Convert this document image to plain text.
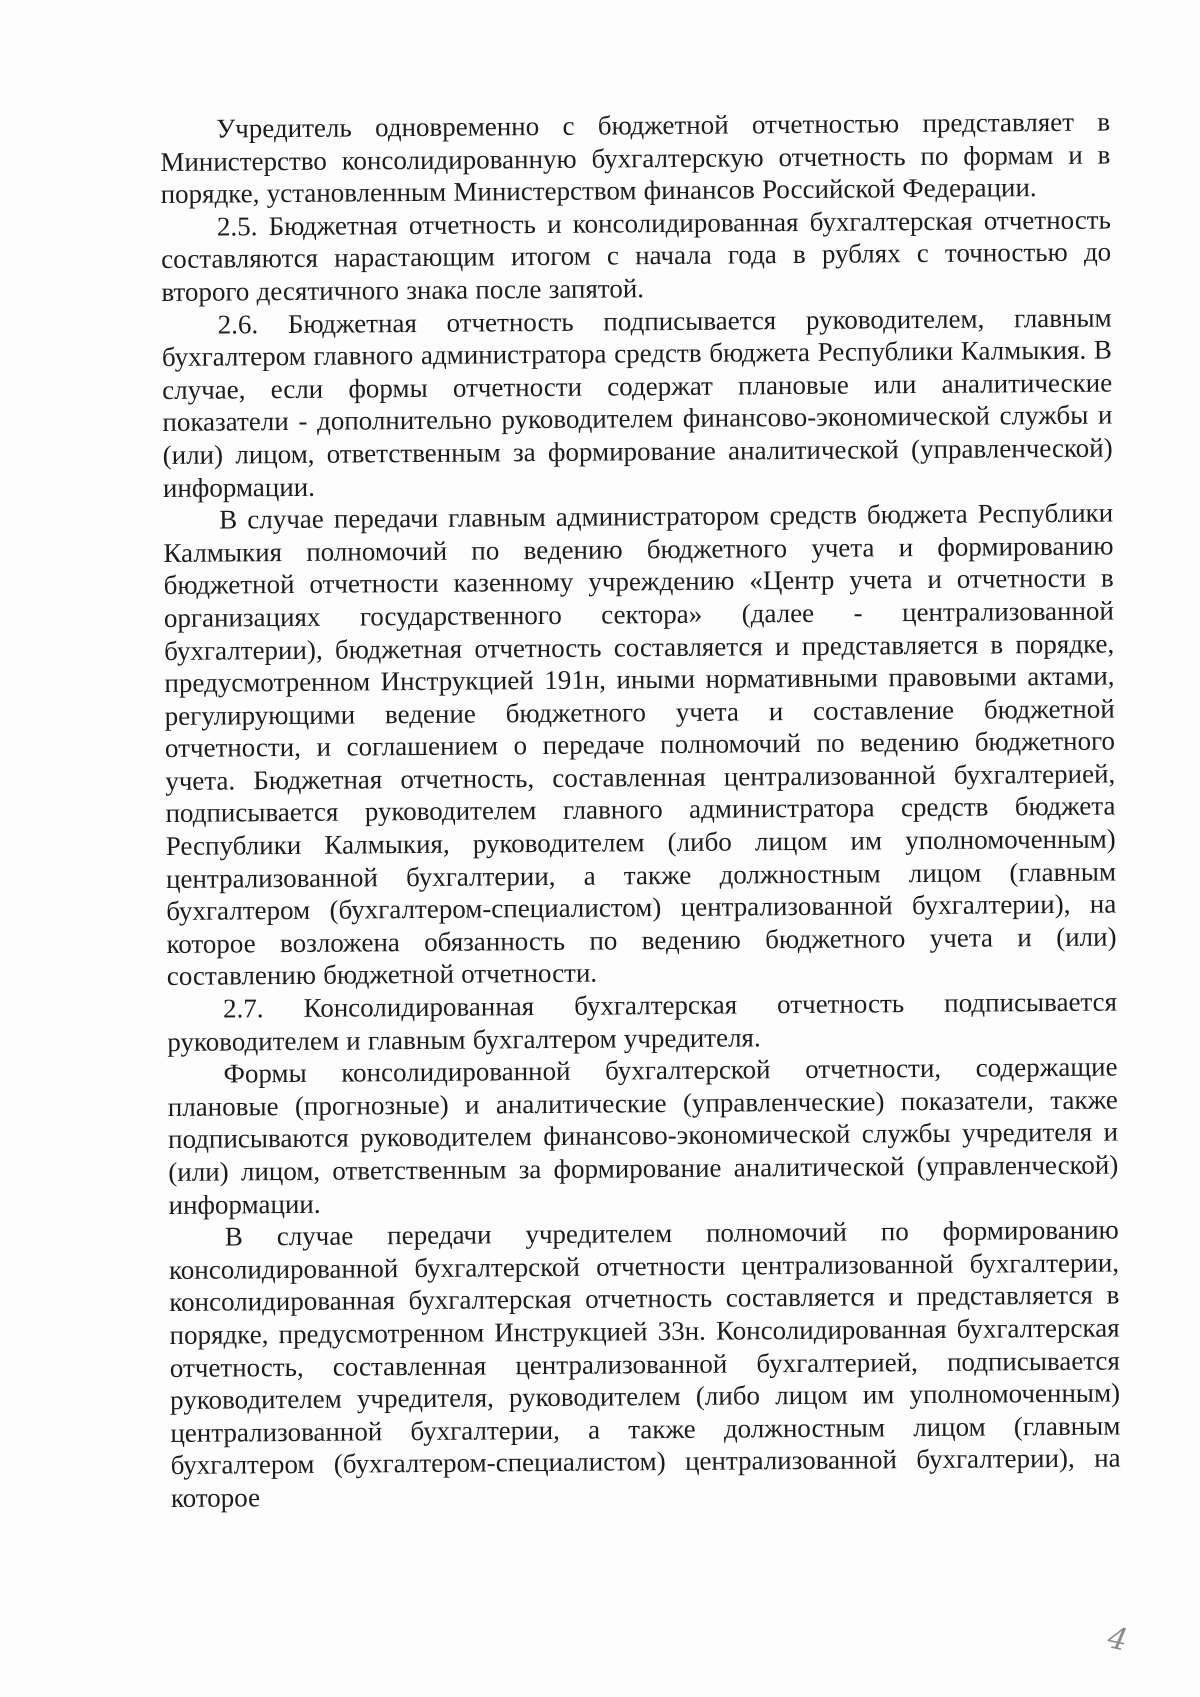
Учредитель одновременно с бюджетной отчетностью представляет в Министерство консолидированную бухгалтерскую отчетность по формам и в порядке, установленным Министерством финансов Российской Федерации.

2.5. Бюджетная отчетность и консолидированная бухгалтерская отчетность составляются нарастающим итогом с начала года в рублях с точностью до второго десятичного знака после запятой.

2.6. Бюджетная отчетность подписывается руководителем, главным бухгалтером главного администратора средств бюджета Республики Калмыкия. В случае, если формы отчетности содержат плановые или аналитические показатели - дополнительно руководителем финансово-экономической службы и (или) лицом, ответственным за формирование аналитической (управленческой) информации.

В случае передачи главным администратором средств бюджета Республики Калмыкия полномочий по ведению бюджетного учета и формированию бюджетной отчетности казенному учреждению «Центр учета и отчетности в организациях государственного сектора» (далее - централизованной бухгалтерии), бюджетная отчетность составляется и представляется в порядке, предусмотренном Инструкцией 191н, иными нормативными правовыми актами, регулирующими ведение бюджетного учета и составление бюджетной отчетности, и соглашением о передаче полномочий по ведению бюджетного учета. Бюджетная отчетность, составленная централизованной бухгалтерией, подписывается руководителем главного администратора средств бюджета Республики Калмыкия, руководителем (либо лицом им уполномоченным) централизованной бухгалтерии, а также должностным лицом (главным бухгалтером (бухгалтером-специалистом) централизованной бухгалтерии), на которое возложена обязанность по ведению бюджетного учета и (или) составлению бюджетной отчетности.

2.7. Консолидированная бухгалтерская отчетность подписывается руководителем и главным бухгалтером учредителя.

Формы консолидированной бухгалтерской отчетности, содержащие плановые (прогнозные) и аналитические (управленческие) показатели, также подписываются руководителем финансово-экономической службы учредителя и (или) лицом, ответственным за формирование аналитической (управленческой) информации.

В случае передачи учредителем полномочий по формированию консолидированной бухгалтерской отчетности централизованной бухгалтерии, консолидированная бухгалтерская отчетность составляется и представляется в порядке, предусмотренном Инструкцией 33н. Консолидированная бухгалтерская отчетность, составленная централизованной бухгалтерией, подписывается руководителем учредителя, руководителем (либо лицом им уполномоченным) централизованной бухгалтерии, а также должностным лицом (главным бухгалтером (бухгалтером-специалистом) централизованной бухгалтерии), на которое

4
